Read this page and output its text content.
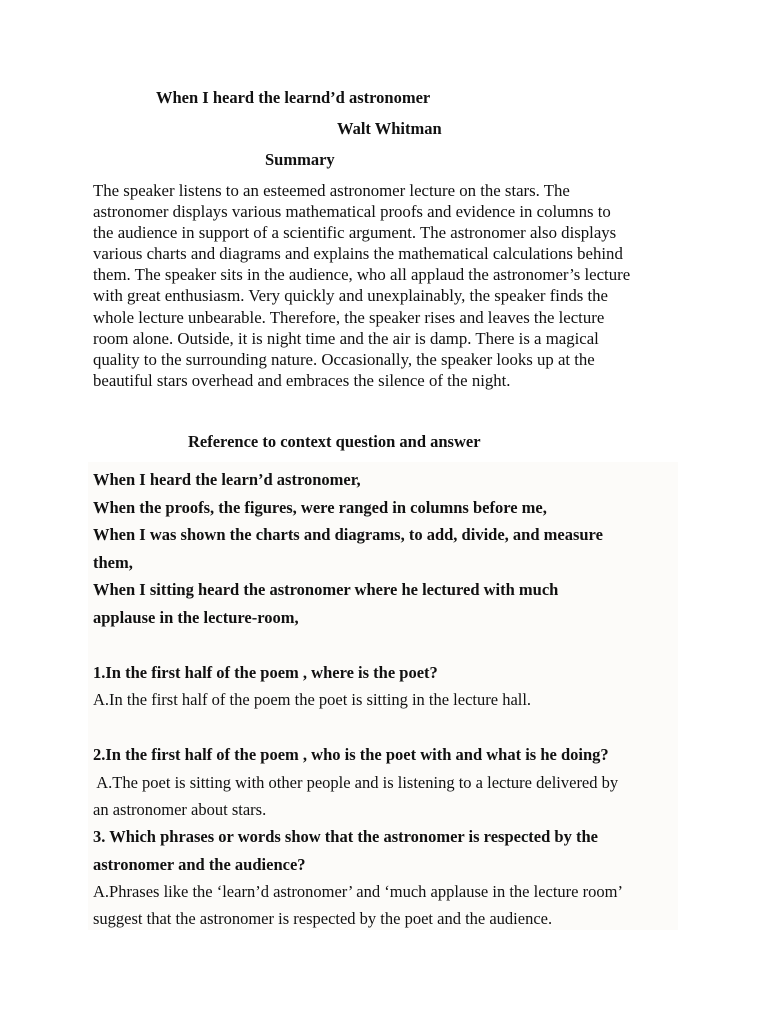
When I heard the learnd’d astronomer
Walt Whitman
Summary

The speaker listens to an esteemed astronomer lecture on the stars. The
astronomer displays various mathematical proofs and evidence in columns to
the audience in support of a scientific argument. The astronomer also displays
various charts and diagrams and explains the mathematical calculations behind
them. The speaker sits in the audience, who all applaud the astronomer’s lecture
with great enthusiasm. Very quickly and unexplainably, the speaker finds the
whole lecture unbearable. Therefore, the speaker rises and leaves the lecture
room alone. Outside, it is night time and the air is damp. There is a magical
quality to the surrounding nature. Occasionally, the speaker looks up at the
beautiful stars overhead and embraces the silence of the night.

Reference to context question and answer
When I heard the learn’d astronomer,
When the proofs, the figures, were ranged in columns before me,
When I was shown the charts and diagrams, to add, divide, and measure
them,
When I sitting heard the astronomer where he lectured with much
applause in the lecture-room,
1.In the first half of the poem , where is the poet?
A.In the first half of the poem the poet is sitting in the lecture hall.
2.In the first half of the poem , who is the poet with and what is he doing?
A.The poet is sitting with other people and is listening to a lecture delivered by
an astronomer about stars.
3. Which phrases or words show that the astronomer is respected by the
astronomer and the audience?
A.Phrases like the ‘learn’d astronomer’ and ‘much applause in the lecture room’
suggest that the astronomer is respected by the poet and the audience.
